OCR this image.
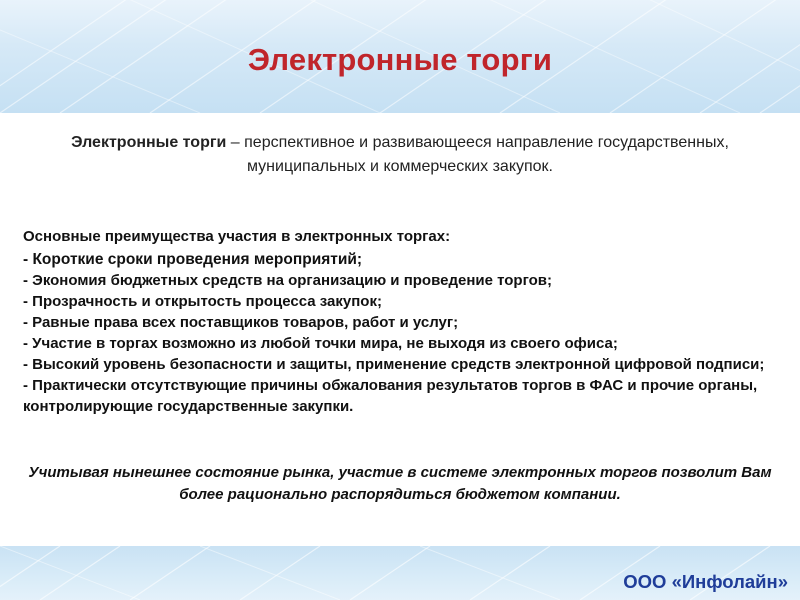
Электронные торги

Электронные торги – перспективное и развивающееся направление государственных, муниципальных и коммерческих закупок.

Основные преимущества участия в электронных торгах:
- Короткие сроки проведения мероприятий;
- Экономия бюджетных средств на организацию и проведение торгов;
- Прозрачность и открытость процесса закупок;
- Равные права всех поставщиков товаров, работ и услуг;
- Участие в торгах возможно из любой точки мира, не выходя из своего офиса;
- Высокий уровень безопасности и защиты, применение средств электронной цифровой подписи;
- Практически отсутствующие причины обжалования результатов торгов в ФАС и прочие органы, контролирующие государственные закупки.

Учитывая нынешнее состояние рынка, участие в системе электронных торгов позволит Вам более рационально распорядиться бюджетом компании.

ООО «Инфолайн»
